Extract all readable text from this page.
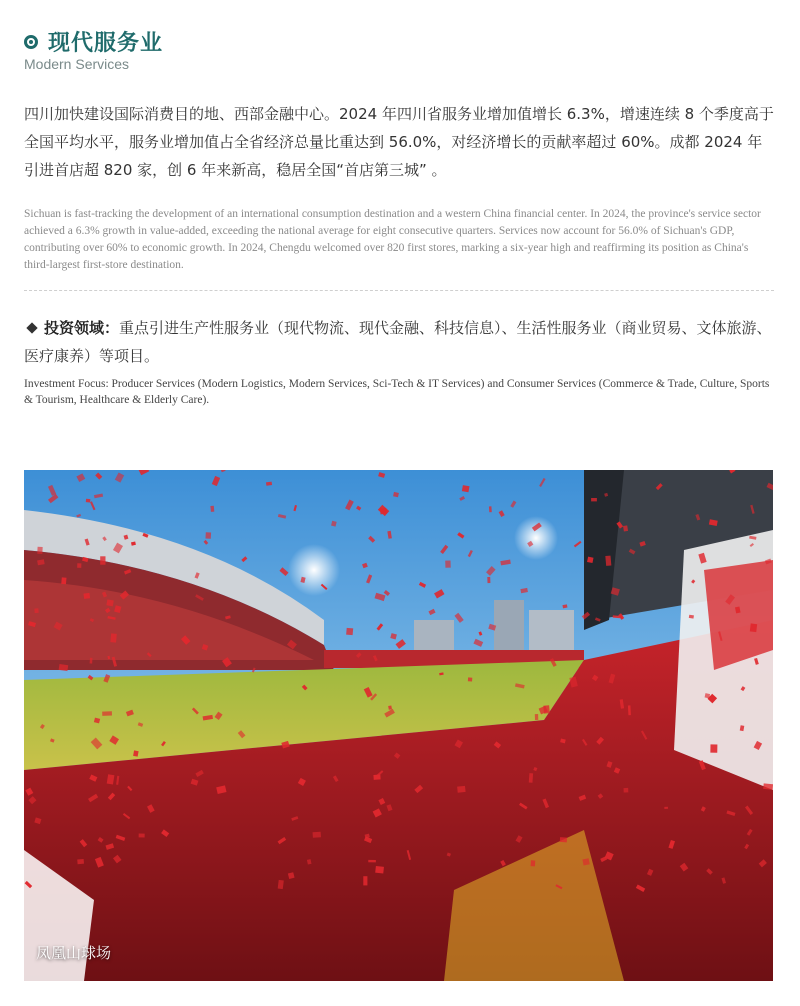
现代服务业
Modern Services

四川加快建设国际消费目的地、西部金融中心。2024 年四川省服务业增加值增长 6.3%，增速连续 8 个季度高于全国平均水平，服务业增加值占全省经济总量比重达到 56.0%，对经济增长的贡献率超过 60%。成都 2024 年引进首店超 820 家，创 6 年来新高，稳居全国“首店第三城” 。

Sichuan is fast-tracking the development of an international consumption destination and a western China financial center. In 2024, the province's service sector achieved a 6.3% growth in value-added, exceeding the national average for eight consecutive quarters. Services now account for 56.0% of Sichuan's GDP, contributing over 60% to economic growth. In 2024, Chengdu welcomed over 820 first stores, marking a six-year high and reaffirming its position as China's third-largest first-store destination.

投资领域：重点引进生产性服务业（现代物流、现代金融、科技信息）、生活性服务业（商业贸易、文体旅游、医疗康养）等项目。

Investment Focus: Producer Services (Modern Logistics, Modern Services, Sci-Tech & IT Services) and Consumer Services (Commerce & Trade, Culture, Sports & Tourism, Healthcare & Elderly Care).

凤凰山球场
